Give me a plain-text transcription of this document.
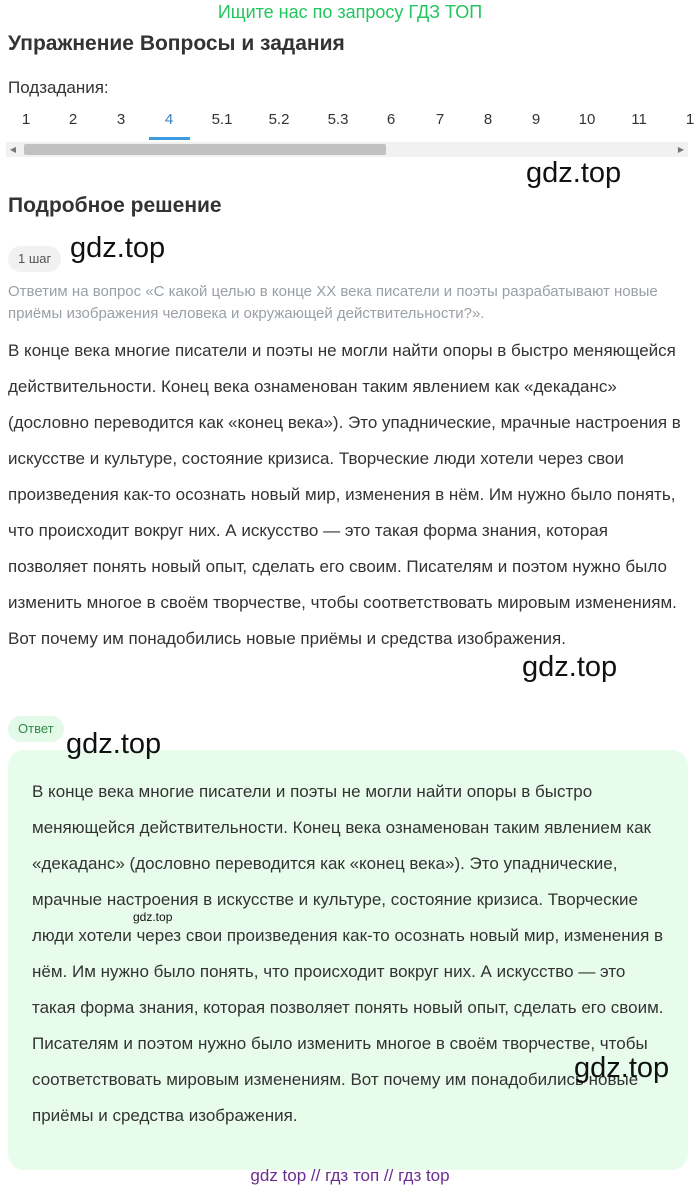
Ищите нас по запросу ГДЗ ТОП
Упражнение Вопросы и задания
Подзадания:
1	2	3	4	5.1 5.2	5.3	6	7	8	9	10 11	1
◀	▶
gdz.top
Подробное решение
1 шаг gdz.top
Ответим на вопрос «С какой целью в конце XX века писатели и поэты разрабатывают новые приёмы изображения человека и окружающей действительности?».
В конце века многие писатели и поэты не могли найти опоры в быстро меняющейся действительности. Конец века ознаменован таким явлением как «декаданс» (дословно переводится как «конец века»). Это упаднические, мрачные настроения в искусстве и культуре, состояние кризиса. Творческие люди хотели через свои произведения как-то осознать новый мир, изменения в нём. Им нужно было понять, что происходит вокруг них. А искусство — это такая форма знания, которая позволяет понять новый опыт, сделать его своим. Писателям и поэтом нужно было изменить многое в своём творчестве, чтобы соответствовать мировым изменениям. Вот почему им понадобились новые приёмы и средства изображения.
gdz.top
Ответ
В конце века многие писатели и поэты не могли найти опоры в быстро меняющейся действительности. Конец века ознаменован таким явлением как «декаданс» (дословно переводится как «конец века»). Это упаднические, мрачные настроения в искусстве и культуре, состояние кризиса. Творческие люди хотели через свои произведения как-то осознать новый мир, изменения в нём. Им нужно было понять, что происходит вокруг них. А искусство — это такая форма знания, которая позволяет понять новый опыт, сделать его своим. Писателям и поэтом нужно было изменить многое в своём творчестве, чтобы соответствовать мировым изменениям. Вот почему им понадобились новые приёмы и средства изображения.
gdz.top
gdz.top
gdz.top
gdz top // гдз топ // гдз top
